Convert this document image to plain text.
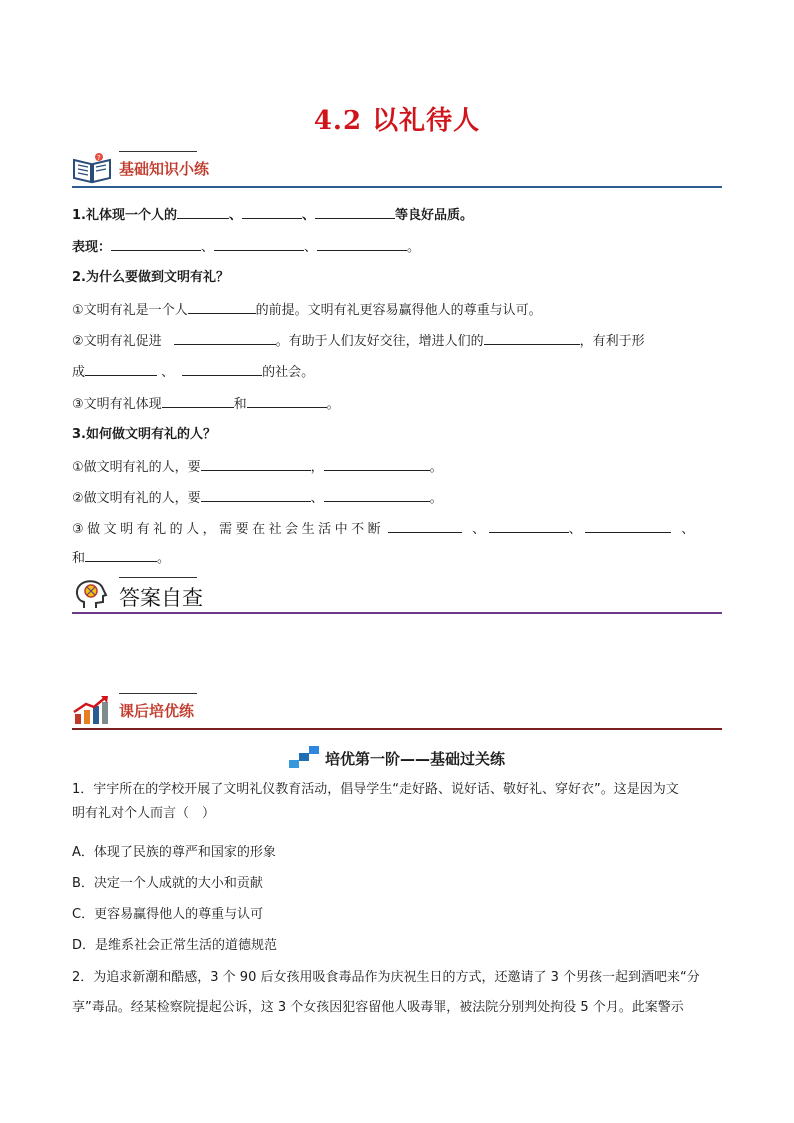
4.2 以礼待人
?
基础知识小练
1.礼体现一个人的	、	、	等良好品质。
表现：	、	、	。
2.为什么要做到文明有礼？
①文明有礼是一个人	的前提。文明有礼更容易赢得他人的尊重与认可。
②文明有礼促进	。有助于人们友好交往，增进人们的	，有利于形
成	、	的社会。
③文明有礼体现	和	。
3.如何做文明有礼的人？
①做文明有礼的人，要	，	。
②做文明有礼的人，要	、	。
③做文明有礼的人，需要在社会生活中不断	、	、	、
和	。
答案自查
课后培优练
培优第一阶——基础过关练
1．宇宇所在的学校开展了文明礼仪教育活动，倡导学生“走好路、说好话、敬好礼、穿好衣”。这是因为文
明有礼对个人而言（　）
A．体现了民族的尊严和国家的形象
B．决定一个人成就的大小和贡献
C．更容易赢得他人的尊重与认可
D．是维系社会正常生活的道德规范
2．为追求新潮和酷感，3 个 90 后女孩用吸食毒品作为庆祝生日的方式，还邀请了 3 个男孩一起到酒吧来“分
享”毒品。经某检察院提起公诉，这 3 个女孩因犯容留他人吸毒罪，被法院分别判处拘役 5 个月。此案警示
